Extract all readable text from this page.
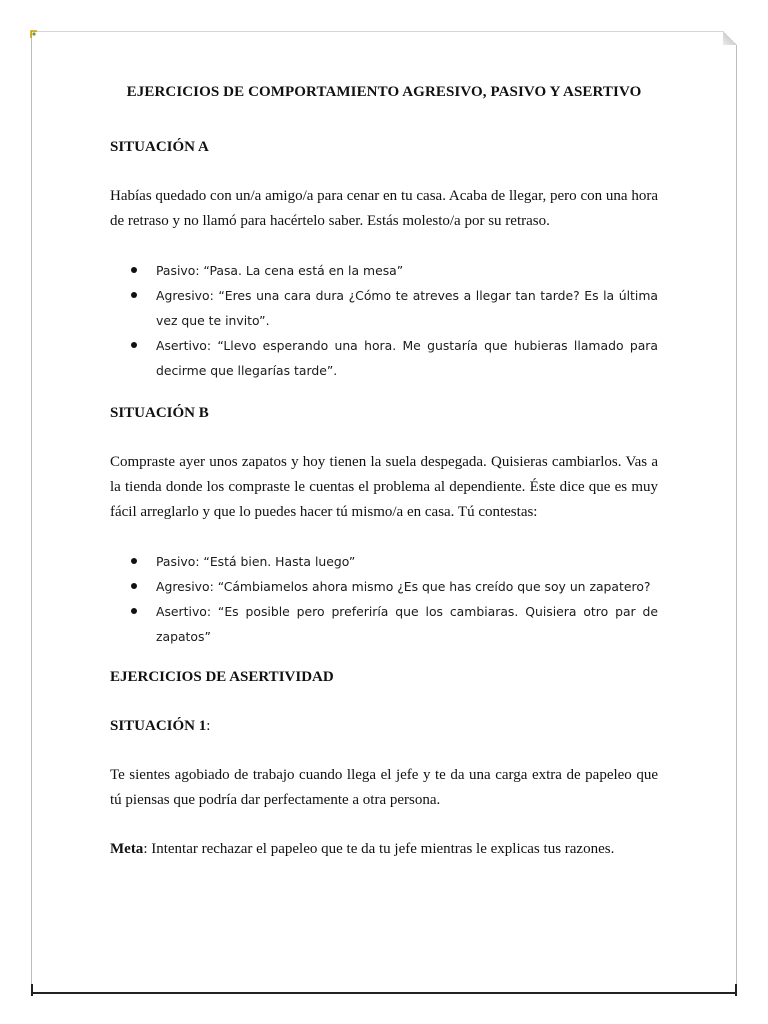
EJERCICIOS DE COMPORTAMIENTO AGRESIVO, PASIVO Y ASERTIVO

SITUACIÓN A

Habías quedado con un/a amigo/a para cenar en tu casa. Acaba de llegar, pero con una hora de retraso y no llamó para hacértelo saber. Estás molesto/a por su retraso.

Pasivo: “Pasa. La cena está en la mesa”
Agresivo: “Eres una cara dura ¿Cómo te atreves a llegar tan tarde? Es la última vez que te invito”.
Asertivo: “Llevo esperando una hora. Me gustaría que hubieras llamado para decirme que llegarías tarde”.

SITUACIÓN B

Compraste ayer unos zapatos y hoy tienen la suela despegada. Quisieras cambiarlos. Vas a la tienda donde los compraste le cuentas el problema al dependiente. Éste dice que es muy fácil arreglarlo y que lo puedes hacer tú mismo/a en casa. Tú contestas:

Pasivo: “Está bien. Hasta luego”
Agresivo: “Cámbiamelos ahora mismo ¿Es que has creído que soy un zapatero?
Asertivo: “Es posible pero preferiría que los cambiaras. Quisiera otro par de zapatos”

EJERCICIOS DE ASERTIVIDAD

SITUACIÓN 1:

Te sientes agobiado de trabajo cuando llega el jefe y te da una carga extra de papeleo que tú piensas que podría dar perfectamente a otra persona.

Meta: Intentar rechazar el papeleo que te da tu jefe mientras le explicas tus razones.
